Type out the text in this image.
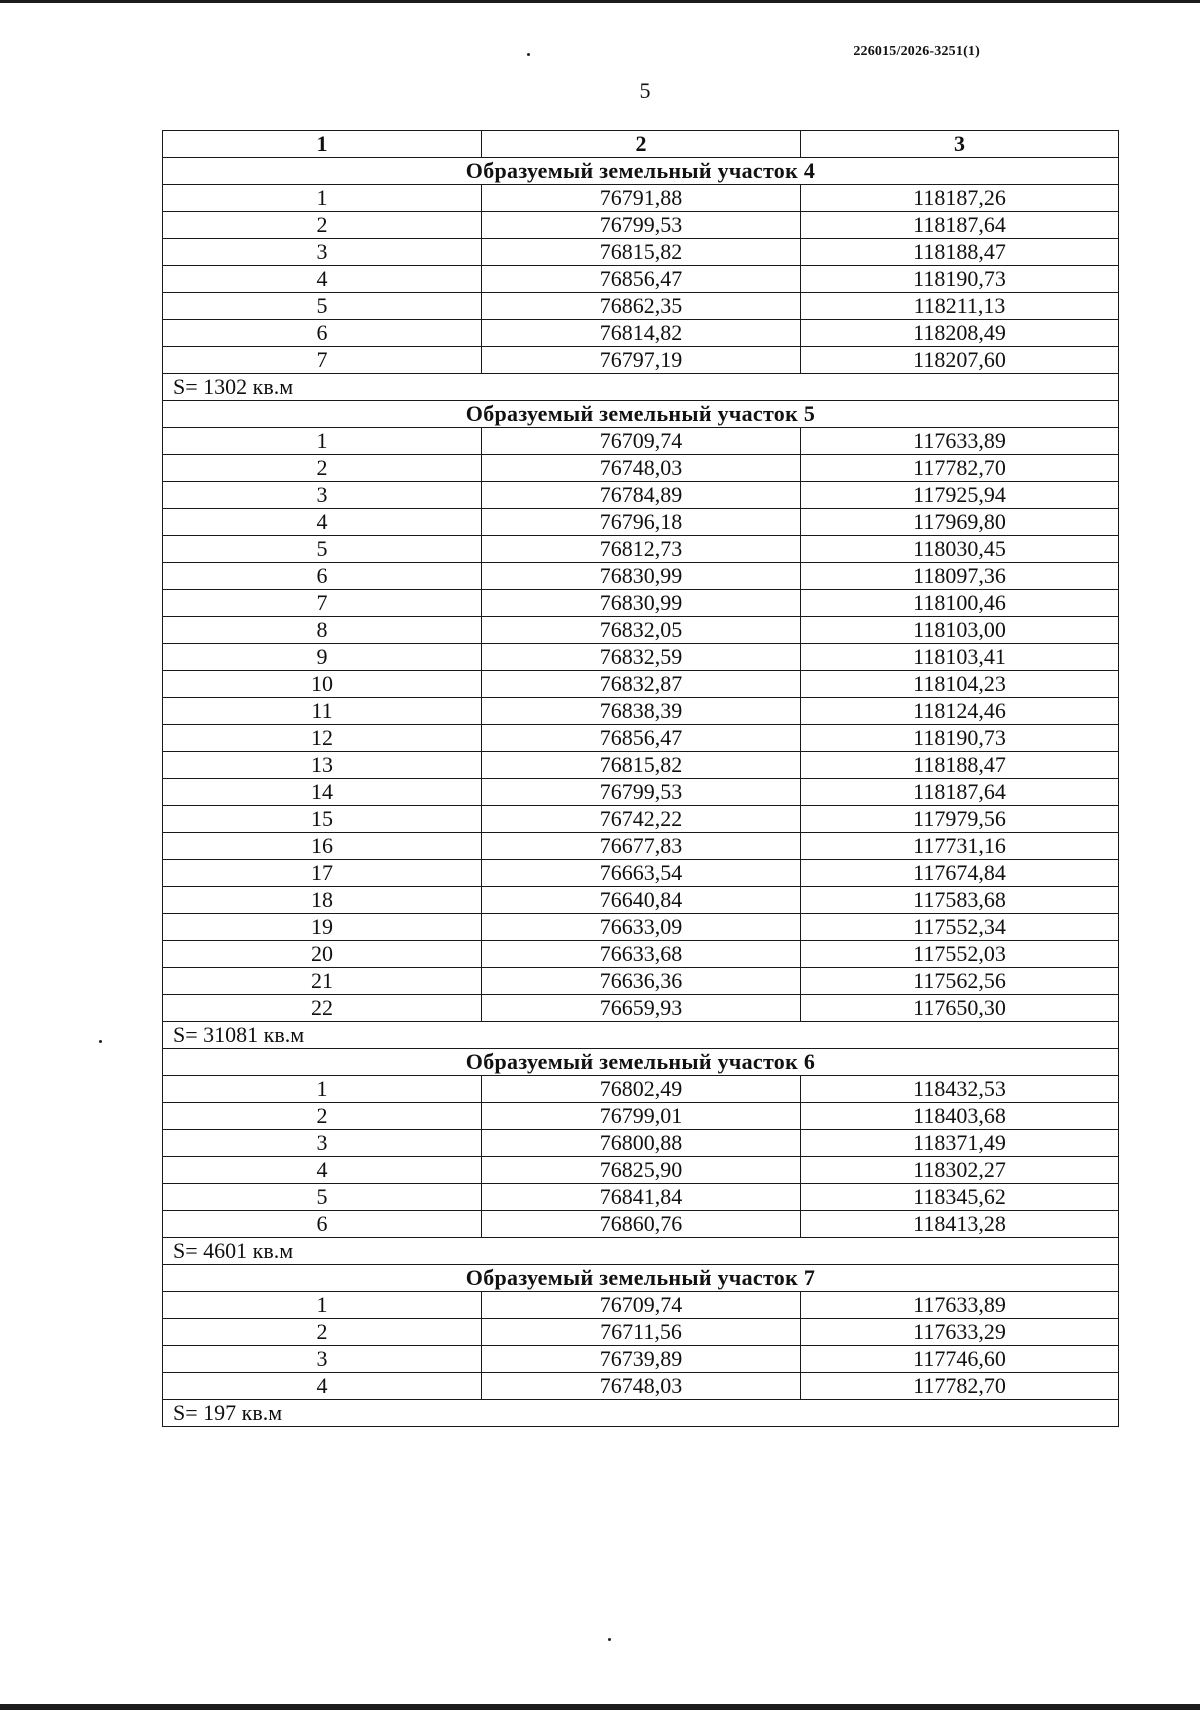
226015/2026-3251(1)
5
1	2	3
Образуемый земельный участок 4		
1	76791,88	118187,26
2	76799,53	118187,64
3	76815,82	118188,47
4	76856,47	118190,73
5	76862,35	118211,13
6	76814,82	118208,49
7	76797,19	118207,60
S= 1302 кв.м		
Образуемый земельный участок 5		
1	76709,74	117633,89
2	76748,03	117782,70
3	76784,89	117925,94
4	76796,18	117969,80
5	76812,73	118030,45
6	76830,99	118097,36
7	76830,99	118100,46
8	76832,05	118103,00
9	76832,59	118103,41
10	76832,87	118104,23
11	76838,39	118124,46
12	76856,47	118190,73
13	76815,82	118188,47
14	76799,53	118187,64
15	76742,22	117979,56
16	76677,83	117731,16
17	76663,54	117674,84
18	76640,84	117583,68
19	76633,09	117552,34
20	76633,68	117552,03
21	76636,36	117562,56
22	76659,93	117650,30
S= 31081 кв.м		
Образуемый земельный участок 6		
1	76802,49	118432,53
2	76799,01	118403,68
3	76800,88	118371,49
4	76825,90	118302,27
5	76841,84	118345,62
6	76860,76	118413,28
S= 4601 кв.м		
Образуемый земельный участок 7		
1	76709,74	117633,89
2	76711,56	117633,29
3	76739,89	117746,60
4	76748,03	117782,70
S= 197 кв.м		
